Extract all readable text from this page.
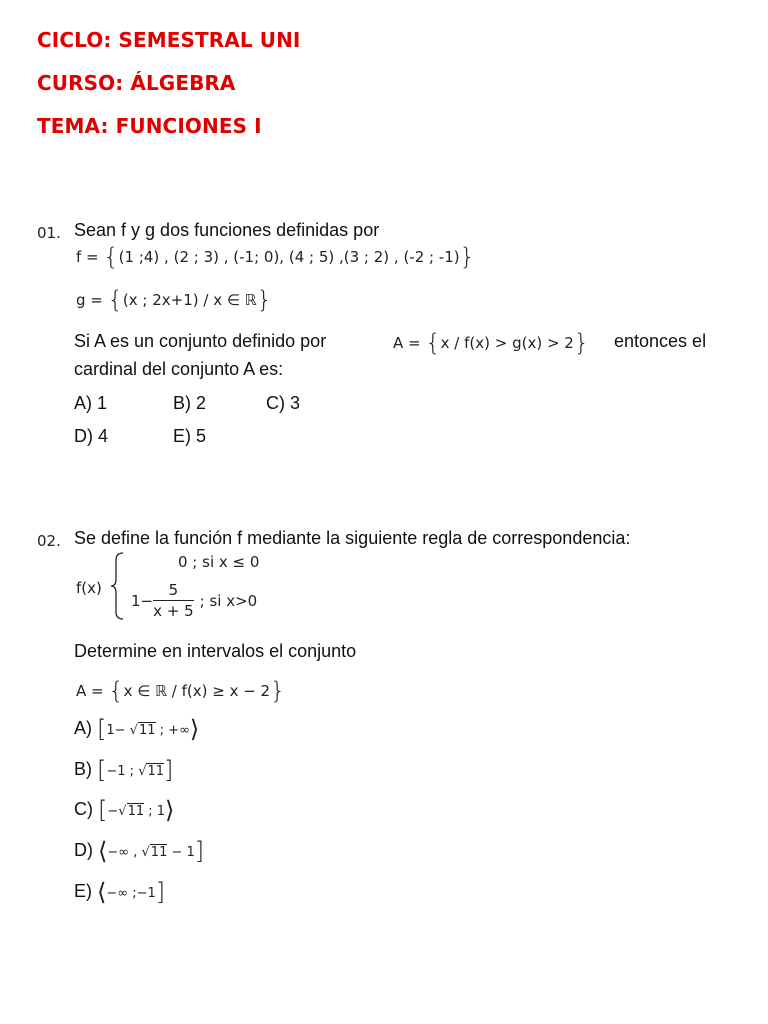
CICLO: SEMESTRAL UNI
CURSO: ÁLGEBRA
TEMA: FUNCIONES I
01. Sean f y g dos funciones definidas por
f = {(1 ;4) , (2 ; 3) , (-1; 0), (4 ; 5) ,(3 ; 2) , (-2 ; -1)}
g = {(x ; 2x+1) / x ∈ ℝ}
Si A es un conjunto definido por	A = {x / f(x) > g(x) > 2} entonces el
cardinal del conjunto A es:
A) 1	B) 2	C) 3
D) 4	E) 5
02. Se define la función f mediante la siguiente regla de correspondencia:
f(x)
0 ; si x ≤ 0
$1- \frac{5}{x + 5}$ ; si x>0
Determine en intervalos el conjunto
A = {x ∈ ℝ / f(x) ≥ x − 2}
A) [1− √11 ; +∞⟩
B) [−1 ; √11]
C) [−√11 ; 1⟩
D) ⟨−∞ , √11 − 1]
E) ⟨−∞ ;−1]
